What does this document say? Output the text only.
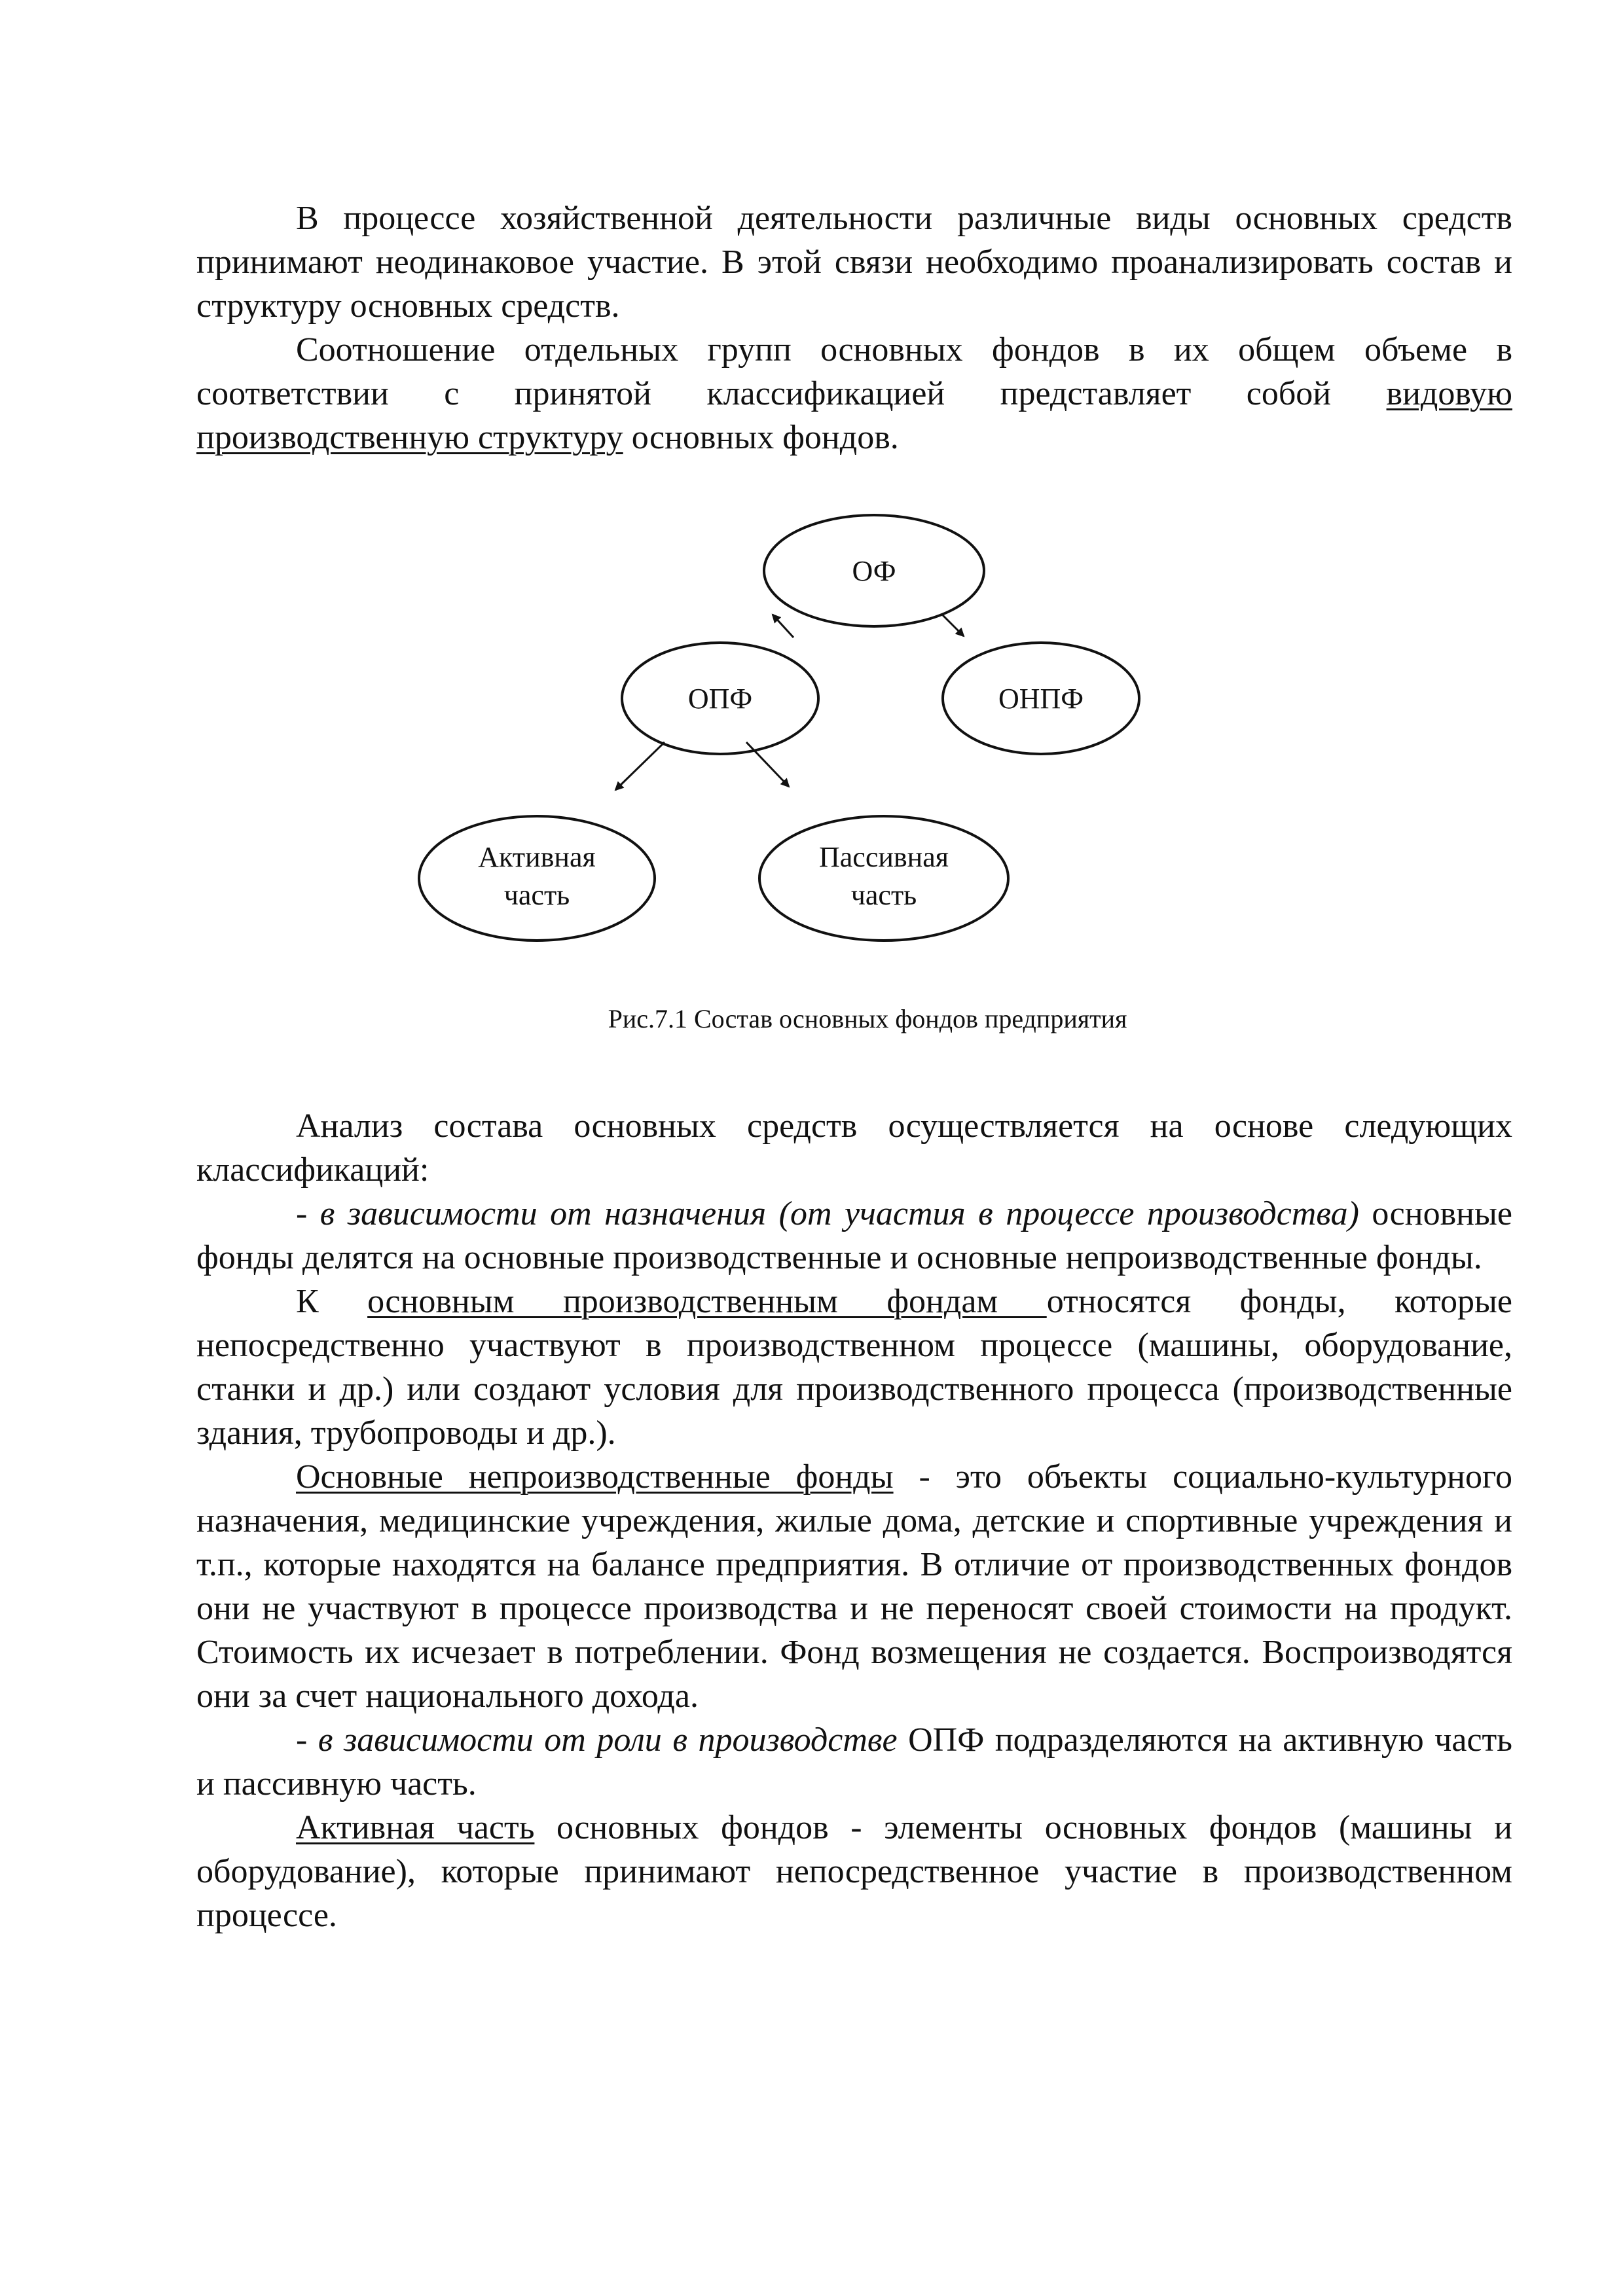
В процессе хозяйственной деятельности различные виды основных средств принимают неодинаковое участие. В этой связи необходимо проанализировать состав и структуру основных средств.

Соотношение отдельных групп основных фондов в их общем объеме в соответствии с принятой классификацией представляет собой видовую производственную структуру основных фондов.

ОФ
ОПФ	ОНПФ
Активная
часть
Пассивная
часть

Рис.7.1 Состав основных фондов предприятия

Анализ состава основных средств осуществляется на основе следующих классификаций:

- в зависимости от назначения (от участия в процессе производства) основные фонды делятся на основные производственные и основные непроизводственные фонды.

К основным производственным фондам относятся фонды, которые непосредственно участвуют в производственном процессе (машины, оборудование, станки и др.) или создают условия для производственного процесса (производственные здания, трубопроводы и др.).

Основные непроизводственные фонды - это объекты социально-культурного назначения, медицинские учреждения, жилые дома, детские и спортивные учреждения и т.п., которые находятся на балансе предприятия. В отличие от производственных фондов они не участвуют в процессе производства и не переносят своей стоимости на продукт. Стоимость их исчезает в потреблении. Фонд возмещения не создается. Воспроизводятся они за счет национального дохода.

- в зависимости от роли в производстве ОПФ подразделяются на активную часть и пассивную часть.

Активная часть основных фондов - элементы основных фондов (машины и оборудование), которые принимают непосредственное участие в производственном процессе.
